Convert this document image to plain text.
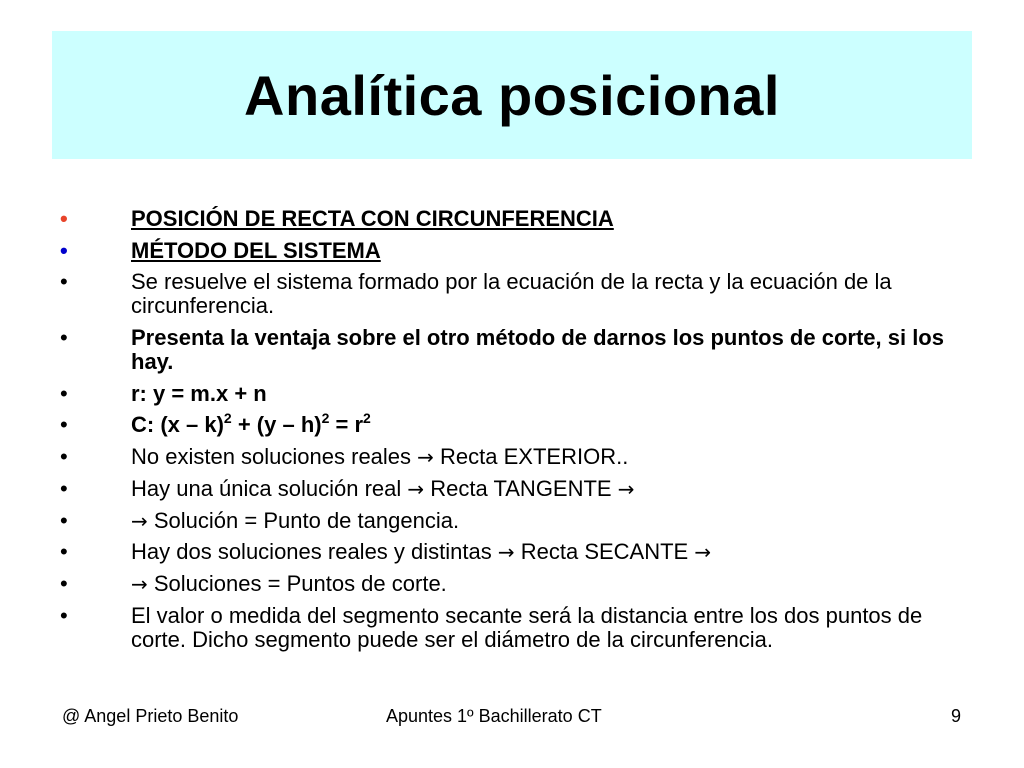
Analítica posicional
•	POSICIÓN DE RECTA CON CIRCUNFERENCIA
•	MÉTODO DEL SISTEMA
•	Se resuelve el sistema formado por la ecuación de la recta y la ecuación de la circunferencia.
•	Presenta la ventaja sobre el otro método de darnos los puntos de corte, si los hay.
•	r: y = m.x + n
•	C: $(x - k)^2 + (y - h)^2 = r^2$
•	No existen soluciones reales → Recta EXTERIOR..
•	Hay una única solución real → Recta TANGENTE →
•	→ Solución = Punto de tangencia.
•	Hay dos soluciones reales y distintas → Recta SECANTE →
•	→ Soluciones = Puntos de corte.
•	El valor o medida del segmento secante será la distancia entre los dos puntos de corte. Dicho segmento puede ser el diámetro de la circunferencia.
@ Angel Prieto Benito	Apuntes 1º Bachillerato CT	9
